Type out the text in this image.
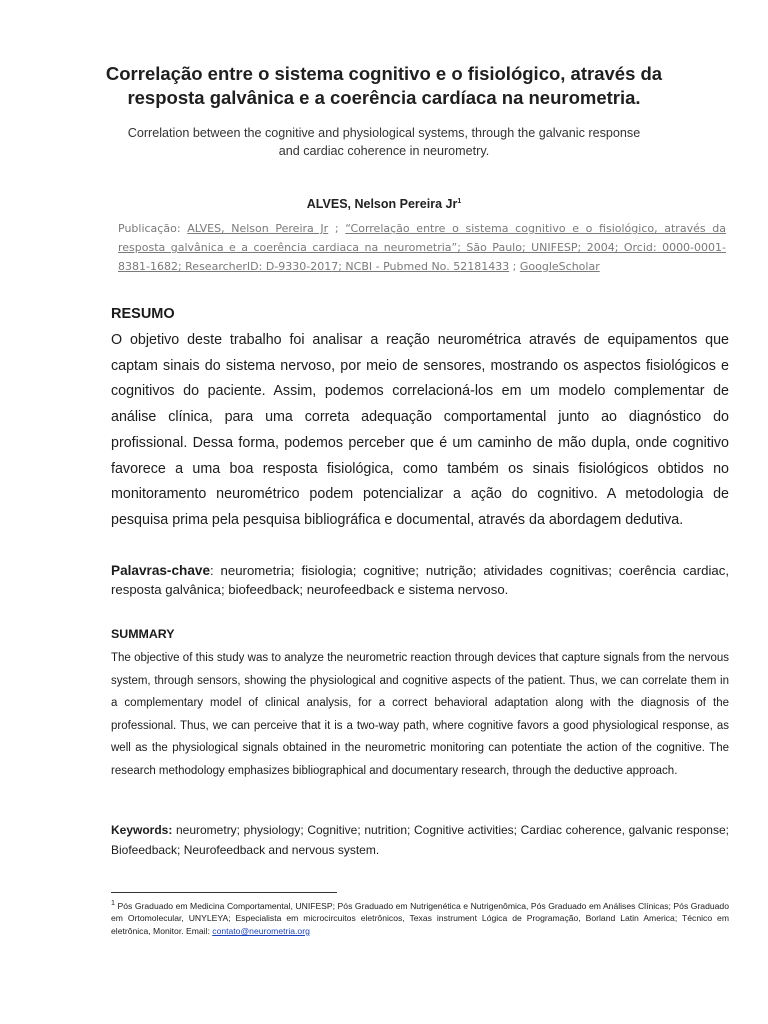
Correlação entre o sistema cognitivo e o fisiológico, através da resposta galvânica e a coerência cardíaca na neurometria.
Correlation between the cognitive and physiological systems, through the galvanic response and cardiac coherence in neurometry.
ALVES, Nelson Pereira Jr$^1$
Publicação: ALVES, Nelson Pereira Jr ; “Correlação entre o sistema cognitivo e o fisiológico, através da resposta galvânica e a coerência cardiaca na neurometria”; São Paulo; UNIFESP; 2004; Orcid: 0000-0001-8381-1682; ResearcherID: D-9330-2017; NCBI - Pubmed No. 52181433 ; GoogleScholar
RESUMO
O objetivo deste trabalho foi analisar a reação neurométrica através de equipamentos que captam sinais do sistema nervoso, por meio de sensores, mostrando os aspectos fisiológicos e cognitivos do paciente. Assim, podemos correlacioná-los em um modelo complementar de análise clínica, para uma correta adequação comportamental junto ao diagnóstico do profissional. Dessa forma, podemos perceber que é um caminho de mão dupla, onde cognitivo favorece a uma boa resposta fisiológica, como também os sinais fisiológicos obtidos no monitoramento neurométrico podem potencializar a ação do cognitivo. A metodologia de pesquisa prima pela pesquisa bibliográfica e documental, através da abordagem dedutiva.
Palavras-chave: neurometria; fisiologia; cognitive; nutrição; atividades cognitivas; coerência cardiac, resposta galvânica; biofeedback; neurofeedback e sistema nervoso.
SUMMARY
The objective of this study was to analyze the neurometric reaction through devices that capture signals from the nervous system, through sensors, showing the physiological and cognitive aspects of the patient. Thus, we can correlate them in a complementary model of clinical analysis, for a correct behavioral adaptation along with the diagnosis of the professional. Thus, we can perceive that it is a two-way path, where cognitive favors a good physiological response, as well as the physiological signals obtained in the neurometric monitoring can potentiate the action of the cognitive. The research methodology emphasizes bibliographical and documentary research, through the deductive approach.
Keywords: neurometry; physiology; Cognitive; nutrition; Cognitive activities; Cardiac coherence, galvanic response; Biofeedback; Neurofeedback and nervous system.
$^1$ Pós Graduado em Medicina Comportamental, UNIFESP; Pós Graduado em Nutrigenética e Nutrigenômica, Pós Graduado em Análises Clínicas; Pós Graduado em Ortomolecular, UNYLEYA; Especialista em microcircuitos eletrônicos, Texas instrument Lógica de Programação, Borland Latin America; Técnico em eletrônica, Monitor. Email: contato@neurometria.org
